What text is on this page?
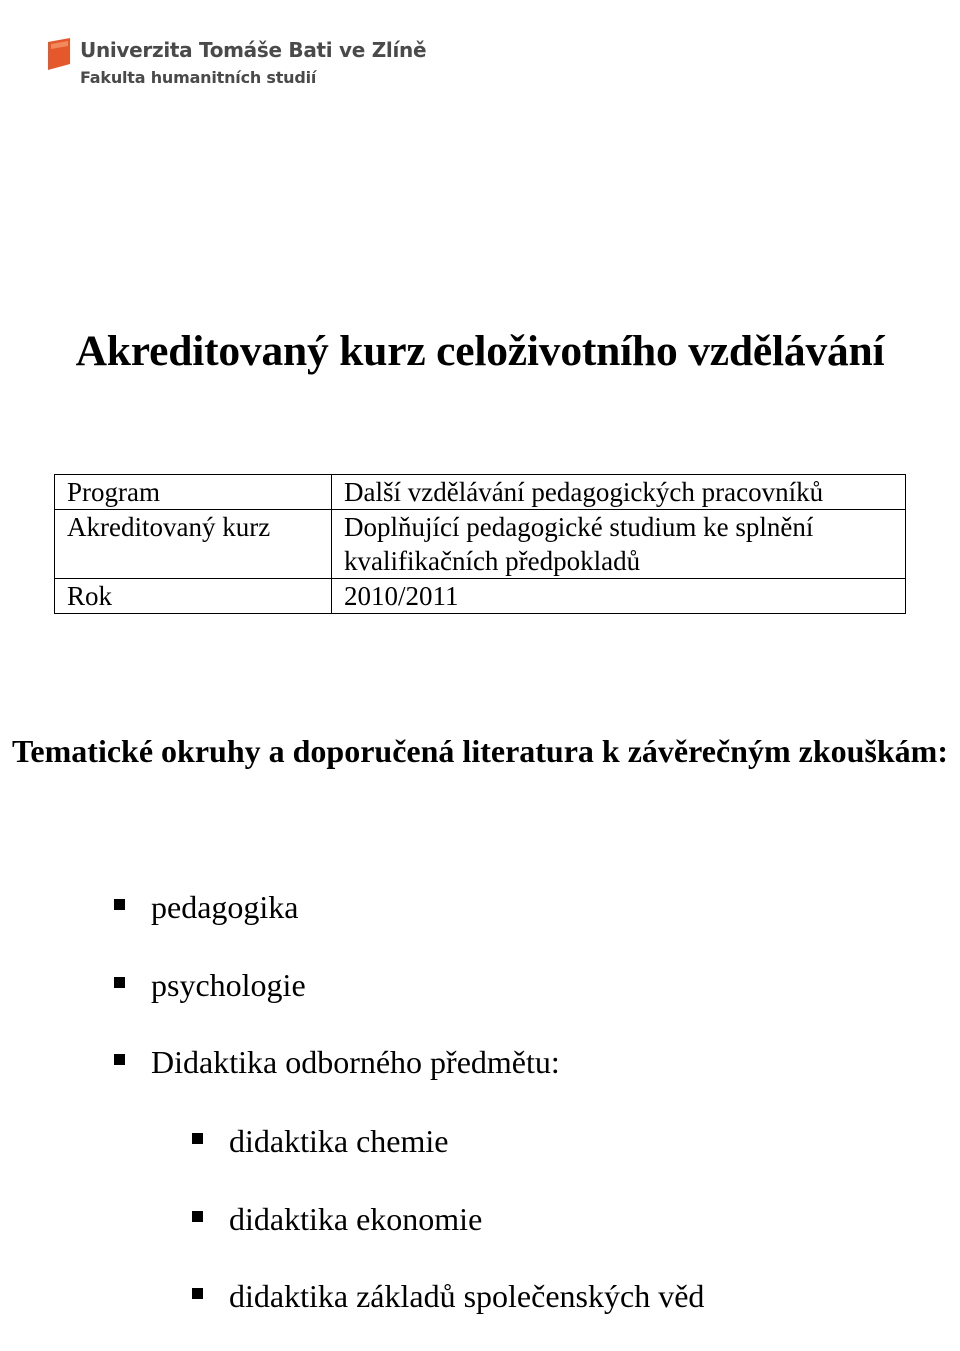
Univerzita Tomáše Bati ve Zlíně
Fakulta humanitních studií
Akreditovaný kurz celoživotního vzdělávání
Program	Další vzdělávání pedagogických pracovníků
Akreditovaný kurz	Doplňující pedagogické studium ke splnění kvalifikačních předpokladů
Rok	2010/2011
Tematické okruhy a doporučená literatura k závěrečným zkouškám:
pedagogika
psychologie
Didaktika odborného předmětu:
didaktika chemie
didaktika ekonomie
didaktika základů společenských věd
